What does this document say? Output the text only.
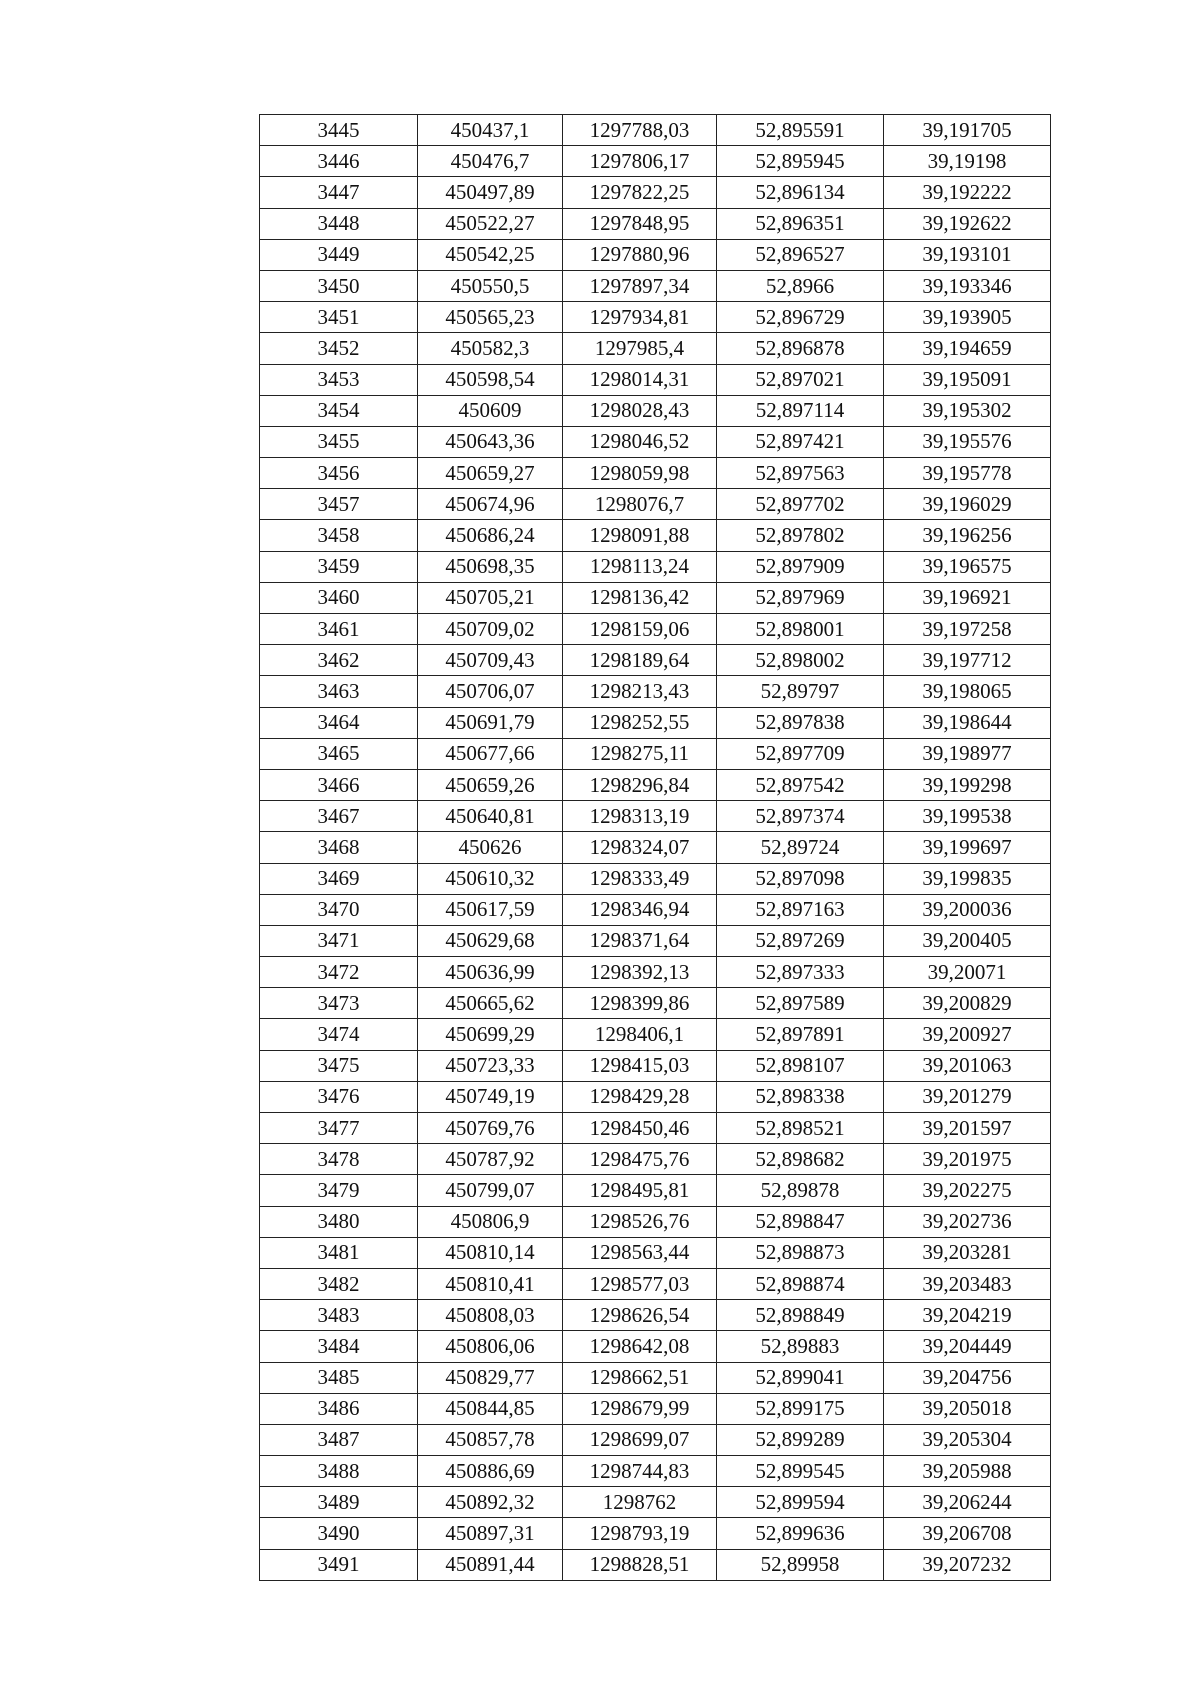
3445	450437,1	1297788,03	52,895591	39,191705
3446	450476,7	1297806,17	52,895945	39,19198
3447	450497,89	1297822,25	52,896134	39,192222
3448	450522,27	1297848,95	52,896351	39,192622
3449	450542,25	1297880,96	52,896527	39,193101
3450	450550,5	1297897,34	52,8966	39,193346
3451	450565,23	1297934,81	52,896729	39,193905
3452	450582,3	1297985,4	52,896878	39,194659
3453	450598,54	1298014,31	52,897021	39,195091
3454	450609	1298028,43	52,897114	39,195302
3455	450643,36	1298046,52	52,897421	39,195576
3456	450659,27	1298059,98	52,897563	39,195778
3457	450674,96	1298076,7	52,897702	39,196029
3458	450686,24	1298091,88	52,897802	39,196256
3459	450698,35	1298113,24	52,897909	39,196575
3460	450705,21	1298136,42	52,897969	39,196921
3461	450709,02	1298159,06	52,898001	39,197258
3462	450709,43	1298189,64	52,898002	39,197712
3463	450706,07	1298213,43	52,89797	39,198065
3464	450691,79	1298252,55	52,897838	39,198644
3465	450677,66	1298275,11	52,897709	39,198977
3466	450659,26	1298296,84	52,897542	39,199298
3467	450640,81	1298313,19	52,897374	39,199538
3468	450626	1298324,07	52,89724	39,199697
3469	450610,32	1298333,49	52,897098	39,199835
3470	450617,59	1298346,94	52,897163	39,200036
3471	450629,68	1298371,64	52,897269	39,200405
3472	450636,99	1298392,13	52,897333	39,20071
3473	450665,62	1298399,86	52,897589	39,200829
3474	450699,29	1298406,1	52,897891	39,200927
3475	450723,33	1298415,03	52,898107	39,201063
3476	450749,19	1298429,28	52,898338	39,201279
3477	450769,76	1298450,46	52,898521	39,201597
3478	450787,92	1298475,76	52,898682	39,201975
3479	450799,07	1298495,81	52,89878	39,202275
3480	450806,9	1298526,76	52,898847	39,202736
3481	450810,14	1298563,44	52,898873	39,203281
3482	450810,41	1298577,03	52,898874	39,203483
3483	450808,03	1298626,54	52,898849	39,204219
3484	450806,06	1298642,08	52,89883	39,204449
3485	450829,77	1298662,51	52,899041	39,204756
3486	450844,85	1298679,99	52,899175	39,205018
3487	450857,78	1298699,07	52,899289	39,205304
3488	450886,69	1298744,83	52,899545	39,205988
3489	450892,32	1298762	52,899594	39,206244
3490	450897,31	1298793,19	52,899636	39,206708
3491	450891,44	1298828,51	52,89958	39,207232
